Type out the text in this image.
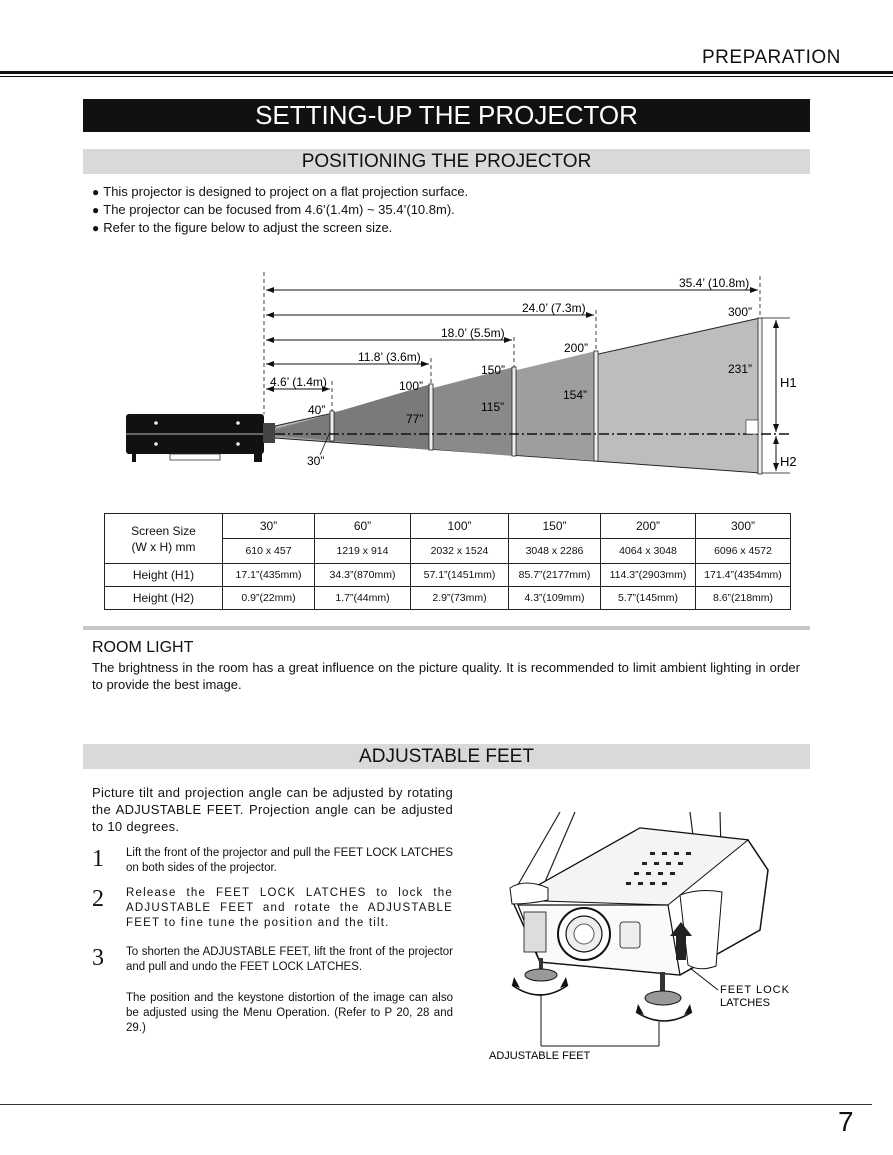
PREPARATION
SETTING-UP THE PROJECTOR
POSITIONING THE PROJECTOR
● This projector is designed to project on a flat projection surface.
● The projector can be focused from 4.6’(1.4m) ~ 35.4’(10.8m).
● Refer to the figure below to adjust the screen size.
4.6’ (1.4m)
11.8’ (3.6m)
18.0’ (5.5m)
24.0’ (7.3m)
35.4’ (10.8m)
40”
100”
150”
200”
300”
30”
77”
115”
154”
231”
H1
H2
Screen Size
(W x H) mm	30”	60”	100”	150”	200”	300”
	610 x 457	1219 x 914	2032 x 1524	3048 x 2286	4064 x 3048	6096 x 4572
Height (H1)	17.1”(435mm)	34.3”(870mm)	57.1”(1451mm)	85.7”(2177mm)	114.3”(2903mm)	171.4”(4354mm)
Height (H2)	0.9”(22mm)	1.7”(44mm)	2.9”(73mm)	4.3”(109mm)	5.7”(145mm)	8.6”(218mm)
ROOM LIGHT
The brightness in the room has a great influence on the picture quality. It is recommended to limit ambient lighting in order to provide the best image.
ADJUSTABLE FEET
Picture tilt and projection angle can be adjusted by rotating the ADJUSTABLE FEET. Projection angle can be adjusted to 10 degrees.
1 Lift the front of the projector and pull the FEET LOCK LATCHES on both sides of the projector.
2 Release the FEET LOCK LATCHES to lock the ADJUSTABLE FEET and rotate the ADJUSTABLE FEET to fine tune the position and the tilt.
3 To shorten the ADJUSTABLE FEET, lift the front of the projector and pull and undo the FEET LOCK LATCHES.
The position and the keystone distortion of the image can also be adjusted using the Menu Operation. (Refer to P 20, 28 and 29.)
FEET LOCK
LATCHES
ADJUSTABLE FEET
7
